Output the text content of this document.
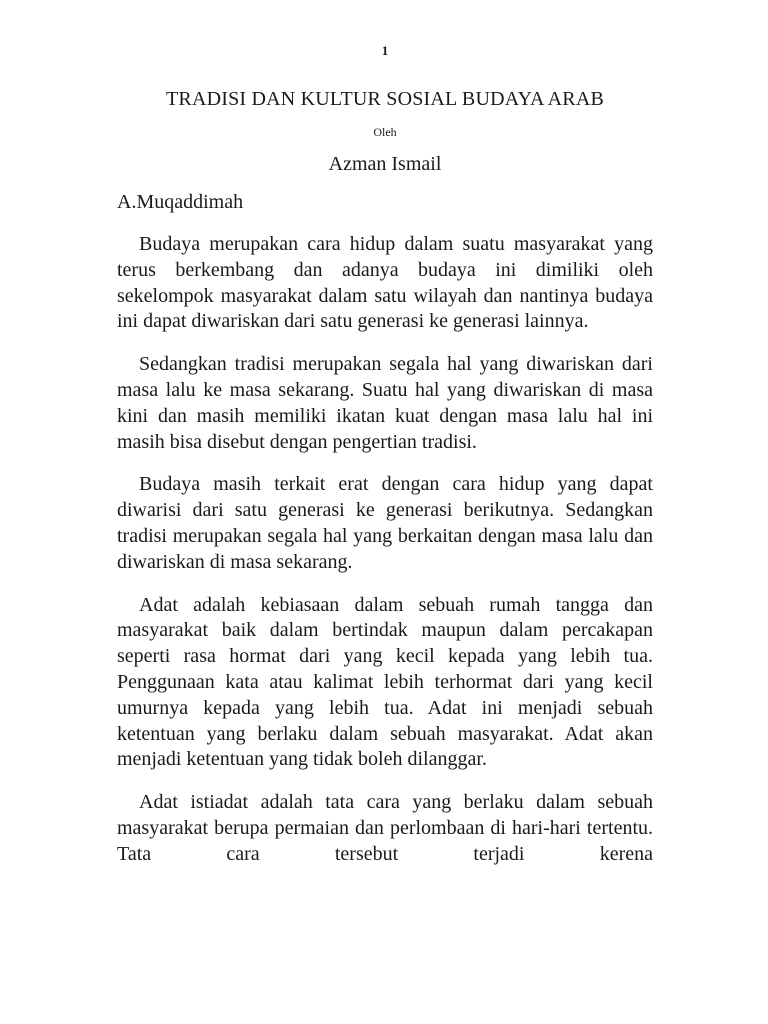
1
TRADISI DAN KULTUR SOSIAL BUDAYA ARAB
Oleh
Azman Ismail
A.Muqaddimah

Budaya merupakan cara hidup dalam suatu masyarakat yang terus berkembang dan adanya budaya ini dimiliki oleh sekelompok masyarakat dalam satu wilayah dan nantinya budaya ini dapat diwariskan dari satu generasi ke generasi lainnya.

Sedangkan tradisi merupakan segala hal yang diwariskan dari masa lalu ke masa sekarang. Suatu hal yang diwariskan di masa kini dan masih memiliki ikatan kuat dengan masa lalu hal ini masih bisa disebut dengan pengertian tradisi.

Budaya masih terkait erat dengan cara hidup yang dapat diwarisi dari satu generasi ke generasi berikutnya. Sedangkan tradisi merupakan segala hal yang berkaitan dengan masa lalu dan diwariskan di masa sekarang.

Adat adalah kebiasaan dalam sebuah rumah tangga dan masyarakat baik dalam bertindak maupun dalam percakapan seperti rasa hormat dari yang kecil kepada yang lebih tua. Penggunaan kata atau kalimat lebih terhormat dari yang kecil umurnya kepada yang lebih tua. Adat ini menjadi sebuah ketentuan yang berlaku dalam sebuah masyarakat. Adat akan menjadi ketentuan yang tidak boleh dilanggar.

Adat istiadat adalah tata cara yang berlaku dalam sebuah masyarakat berupa permaian dan perlombaan di hari-hari tertentu. Tata cara tersebut terjadi kerena
